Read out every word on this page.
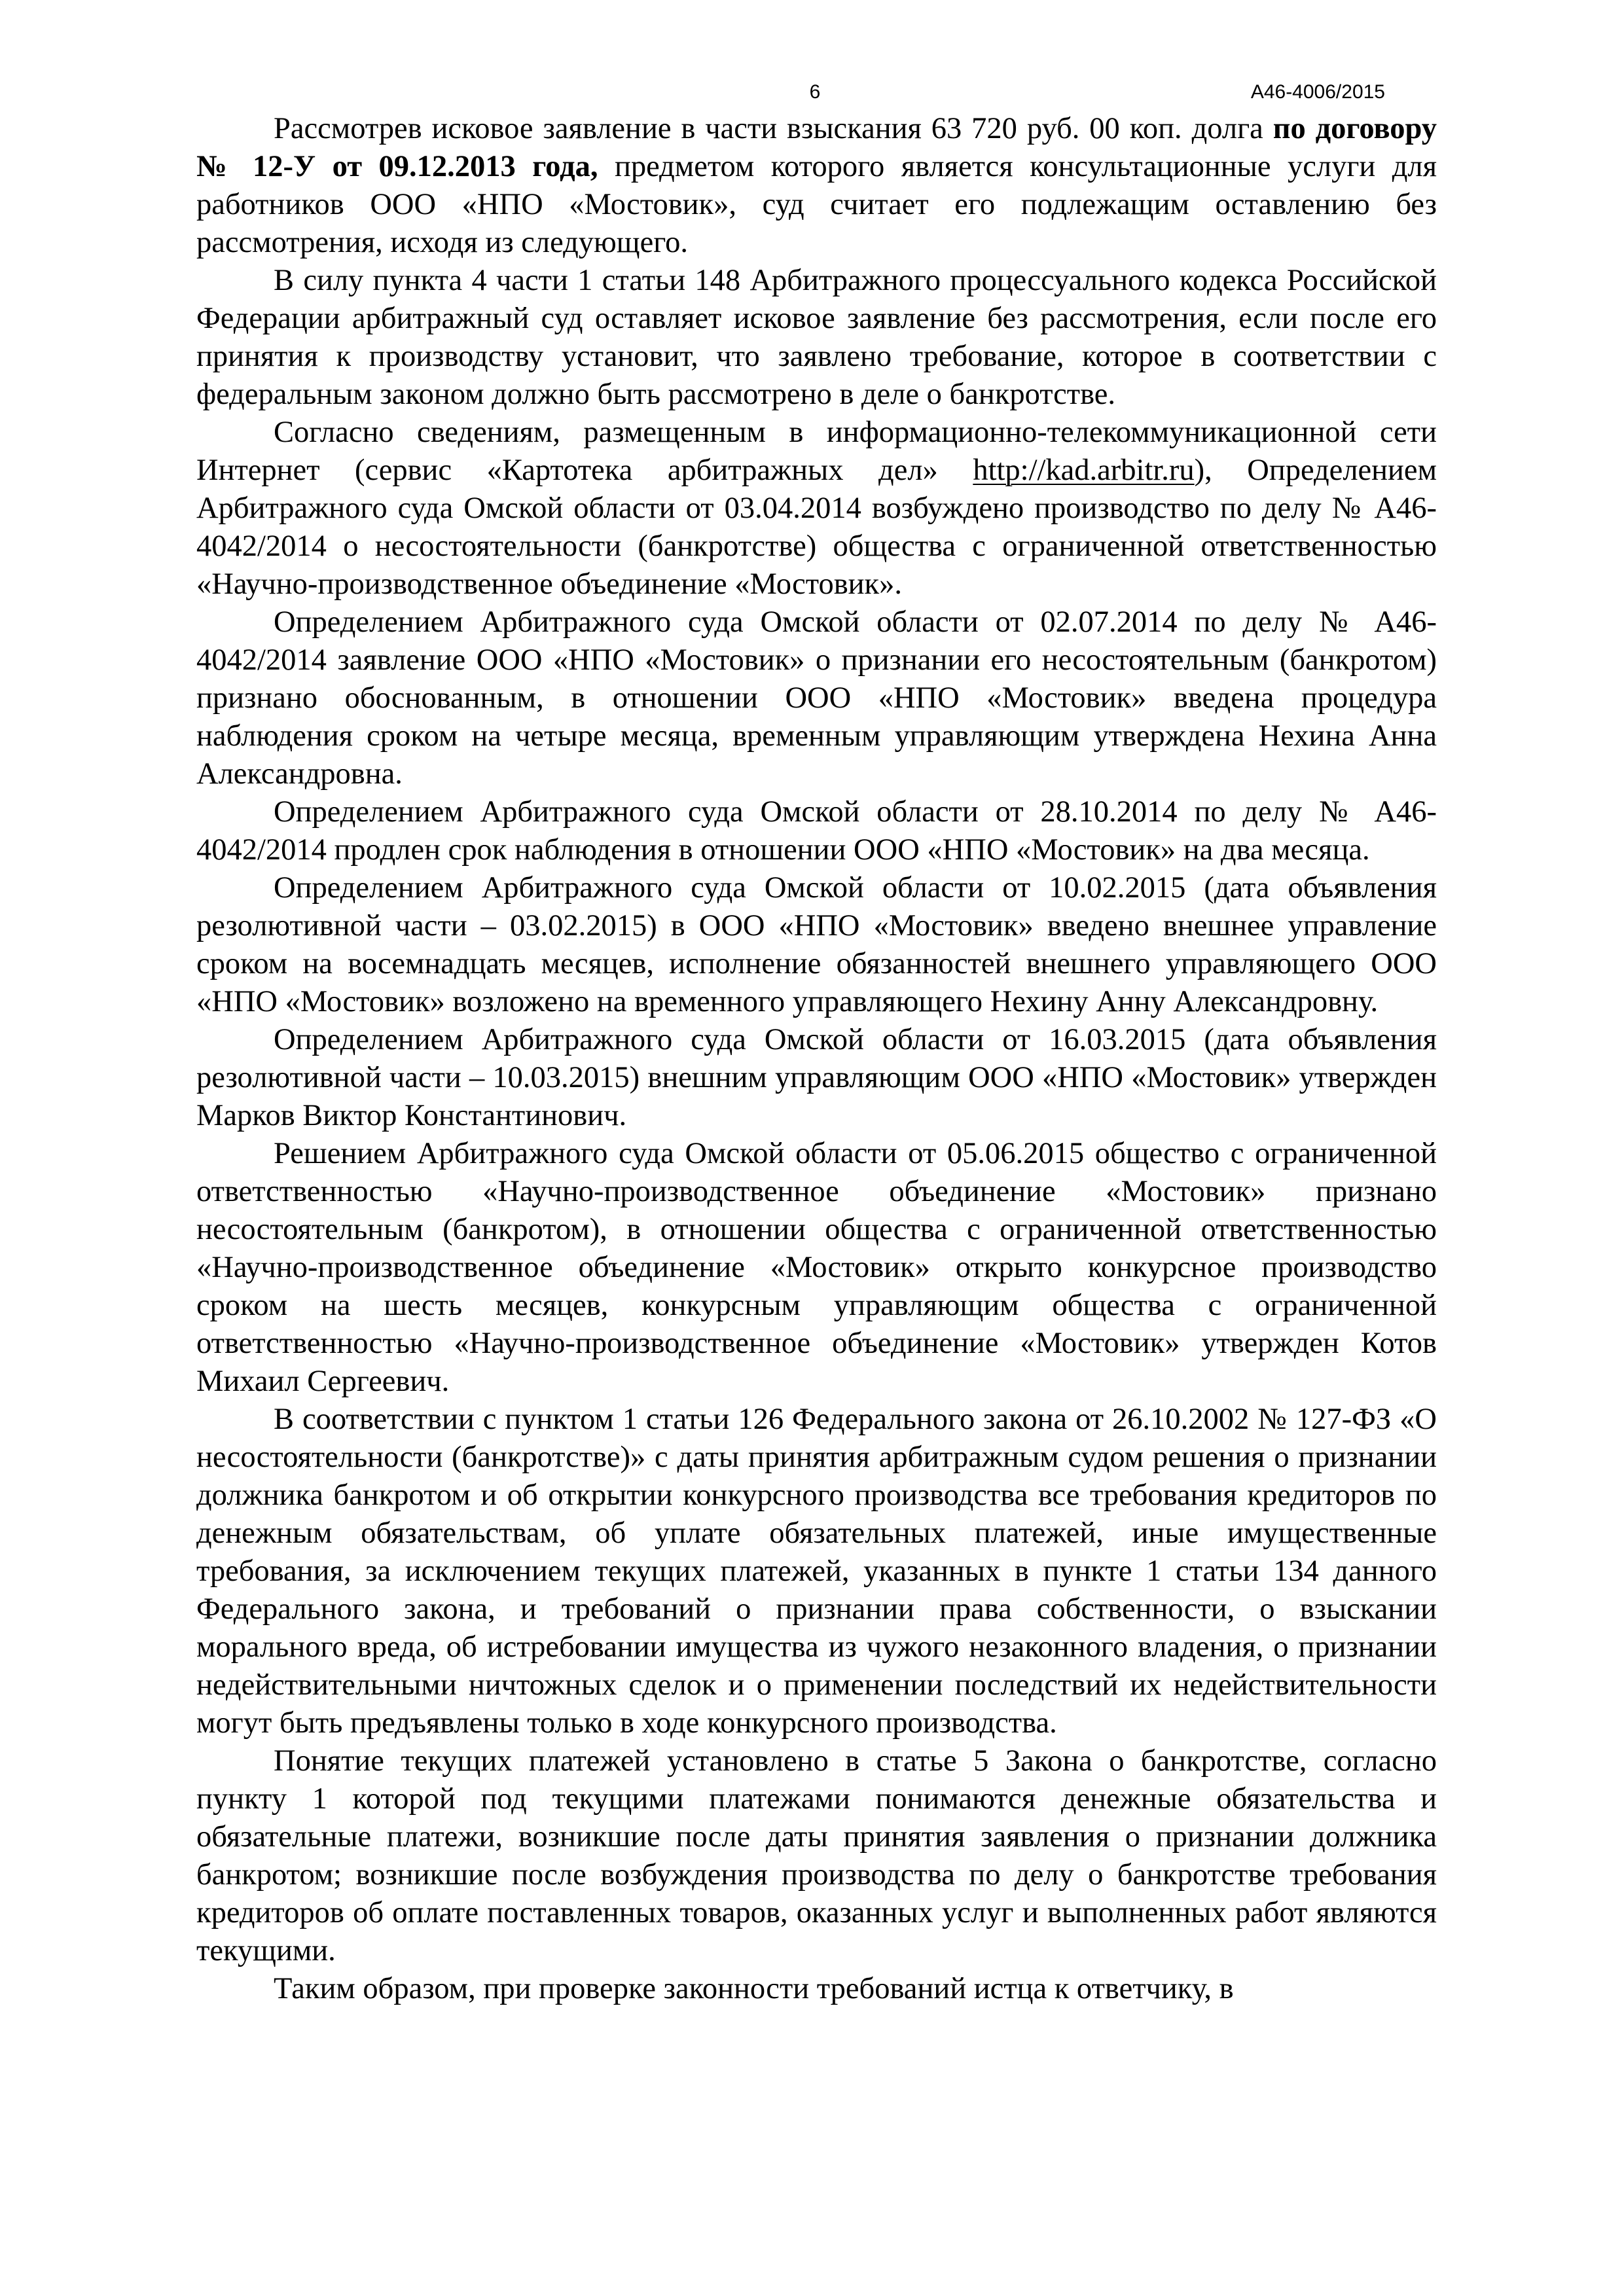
6	А46-4006/2015

Рассмотрев исковое заявление в части взыскания 63 720 руб. 00 коп. долга по договору № 12-У от 09.12.2013 года, предметом которого является консультационные услуги для работников ООО «НПО «Мостовик», суд считает его подлежащим оставлению без рассмотрения, исходя из следующего.

В силу пункта 4 части 1 статьи 148 Арбитражного процессуального кодекса Российской Федерации арбитражный суд оставляет исковое заявление без рассмотрения, если после его принятия к производству установит, что заявлено требование, которое в соответствии с федеральным законом должно быть рассмотрено в деле о банкротстве.

Согласно сведениям, размещенным в информационно-телекоммуникационной сети Интернет (сервис «Картотека арбитражных дел» http://kad.arbitr.ru), Определением Арбитражного суда Омской области от 03.04.2014 возбуждено производство по делу № А46-4042/2014 о несостоятельности (банкротстве) общества с ограниченной ответственностью «Научно-производственное объединение «Мостовик».

Определением Арбитражного суда Омской области от 02.07.2014 по делу № А46-4042/2014 заявление ООО «НПО «Мостовик» о признании его несостоятельным (банкротом) признано обоснованным, в отношении ООО «НПО «Мостовик» введена процедура наблюдения сроком на четыре месяца, временным управляющим утверждена Нехина Анна Александровна.

Определением Арбитражного суда Омской области от 28.10.2014 по делу № А46-4042/2014 продлен срок наблюдения в отношении ООО «НПО «Мостовик» на два месяца.

Определением Арбитражного суда Омской области от 10.02.2015 (дата объявления резолютивной части – 03.02.2015) в ООО «НПО «Мостовик» введено внешнее управление сроком на восемнадцать месяцев, исполнение обязанностей внешнего управляющего ООО «НПО «Мостовик» возложено на временного управляющего Нехину Анну Александровну.

Определением Арбитражного суда Омской области от 16.03.2015 (дата объявления резолютивной части – 10.03.2015) внешним управляющим ООО «НПО «Мостовик» утвержден Марков Виктор Константинович.

Решением Арбитражного суда Омской области от 05.06.2015 общество с ограниченной ответственностью «Научно-производственное объединение «Мостовик» признано несостоятельным (банкротом), в отношении общества с ограниченной ответственностью «Научно-производственное объединение «Мостовик» открыто конкурсное производство сроком на шесть месяцев, конкурсным управляющим общества с ограниченной ответственностью «Научно-производственное объединение «Мостовик» утвержден Котов Михаил Сергеевич.

В соответствии с пунктом 1 статьи 126 Федерального закона от 26.10.2002 № 127-ФЗ «О несостоятельности (банкротстве)» с даты принятия арбитражным судом решения о признании должника банкротом и об открытии конкурсного производства все требования кредиторов по денежным обязательствам, об уплате обязательных платежей, иные имущественные требования, за исключением текущих платежей, указанных в пункте 1 статьи 134 данного Федерального закона, и требований о признании права собственности, о взыскании морального вреда, об истребовании имущества из чужого незаконного владения, о признании недействительными ничтожных сделок и о применении последствий их недействительности могут быть предъявлены только в ходе конкурсного производства.

Понятие текущих платежей установлено в статье 5 Закона о банкротстве, согласно пункту 1 которой под текущими платежами понимаются денежные обязательства и обязательные платежи, возникшие после даты принятия заявления о признании должника банкротом; возникшие после возбуждения производства по делу о банкротстве требования кредиторов об оплате поставленных товаров, оказанных услуг и выполненных работ являются текущими.

Таким образом, при проверке законности требований истца к ответчику, в
